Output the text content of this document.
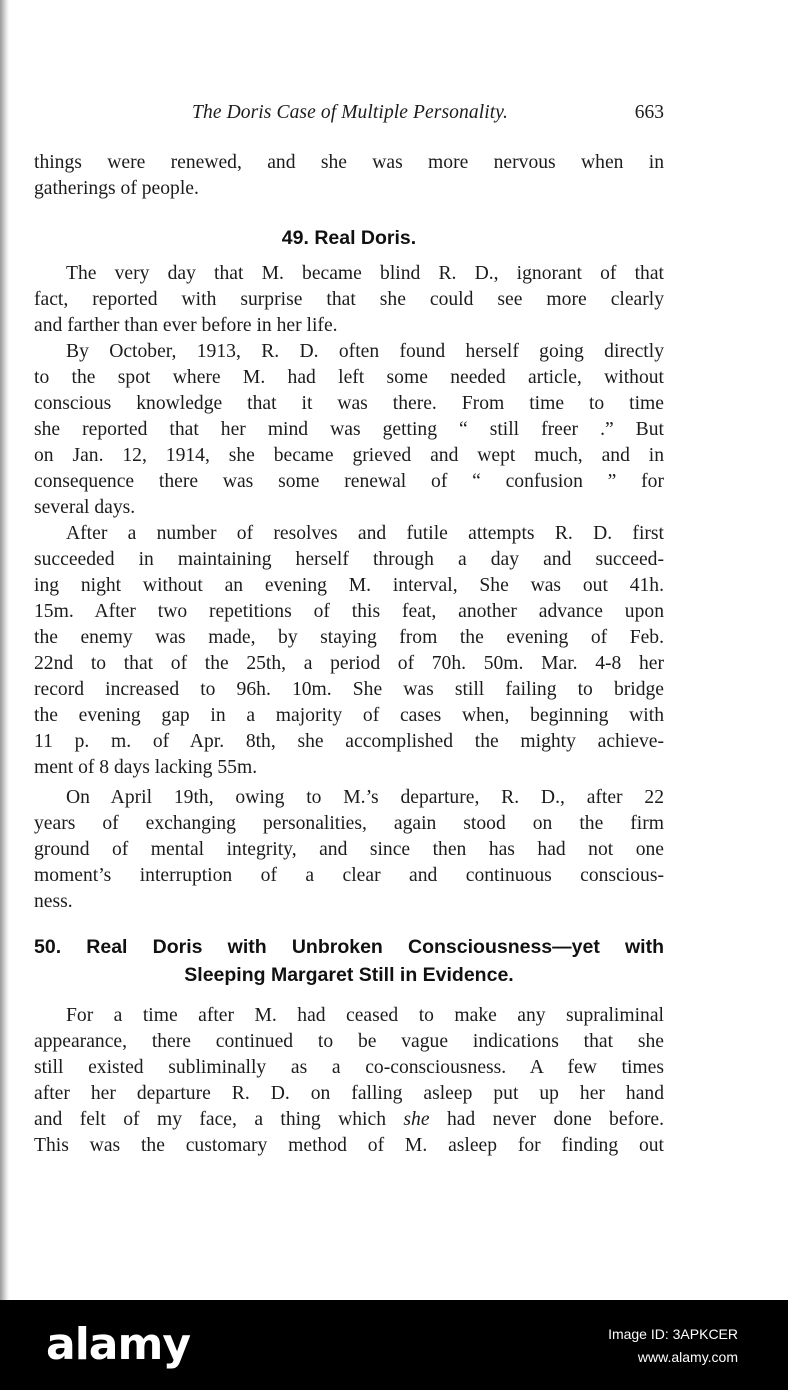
The Doris Case of Multiple Personality.	663
things were renewed, and she was more nervous when in
gatherings of people.
49. Real Doris.
The very day that M. became blind R. D., ignorant of that
fact, reported with surprise that she could see more clearly
and farther than ever before in her life.
By October, 1913, R. D. often found herself going directly
to the spot where M. had left some needed article, without
conscious knowledge that it was there. From time to time
she reported that her mind was getting “ still freer .” But
on Jan. 12, 1914, she became grieved and wept much, and in
consequence there was some renewal of “ confusion ” for
several days.
After a number of resolves and futile attempts R. D. first
succeeded in maintaining herself through a day and succeed-
ing night without an evening M. interval, She was out 41h.
15m. After two repetitions of this feat, another advance upon
the enemy was made, by staying from the evening of Feb.
22nd to that of the 25th, a period of 70h. 50m. Mar. 4-8 her
record increased to 96h. 10m. She was still failing to bridge
the evening gap in a majority of cases when, beginning with
11 p. m. of Apr. 8th, she accomplished the mighty achieve-
ment of 8 days lacking 55m.
On April 19th, owing to M.’s departure, R. D., after 22
years of exchanging personalities, again stood on the firm
ground of mental integrity, and since then has had not one
moment’s interruption of a clear and continuous conscious-
ness.
50. Real Doris with Unbroken Consciousness—yet with
Sleeping Margaret Still in Evidence.
For a time after M. had ceased to make any supraliminal
appearance, there continued to be vague indications that she
still existed subliminally as a co-consciousness. A few times
after her departure R. D. on falling asleep put up her hand
and felt of my face, a thing which she had never done before.
This was the customary method of M. asleep for finding out
alamy	Image ID: 3APKCER
www.alamy.com
